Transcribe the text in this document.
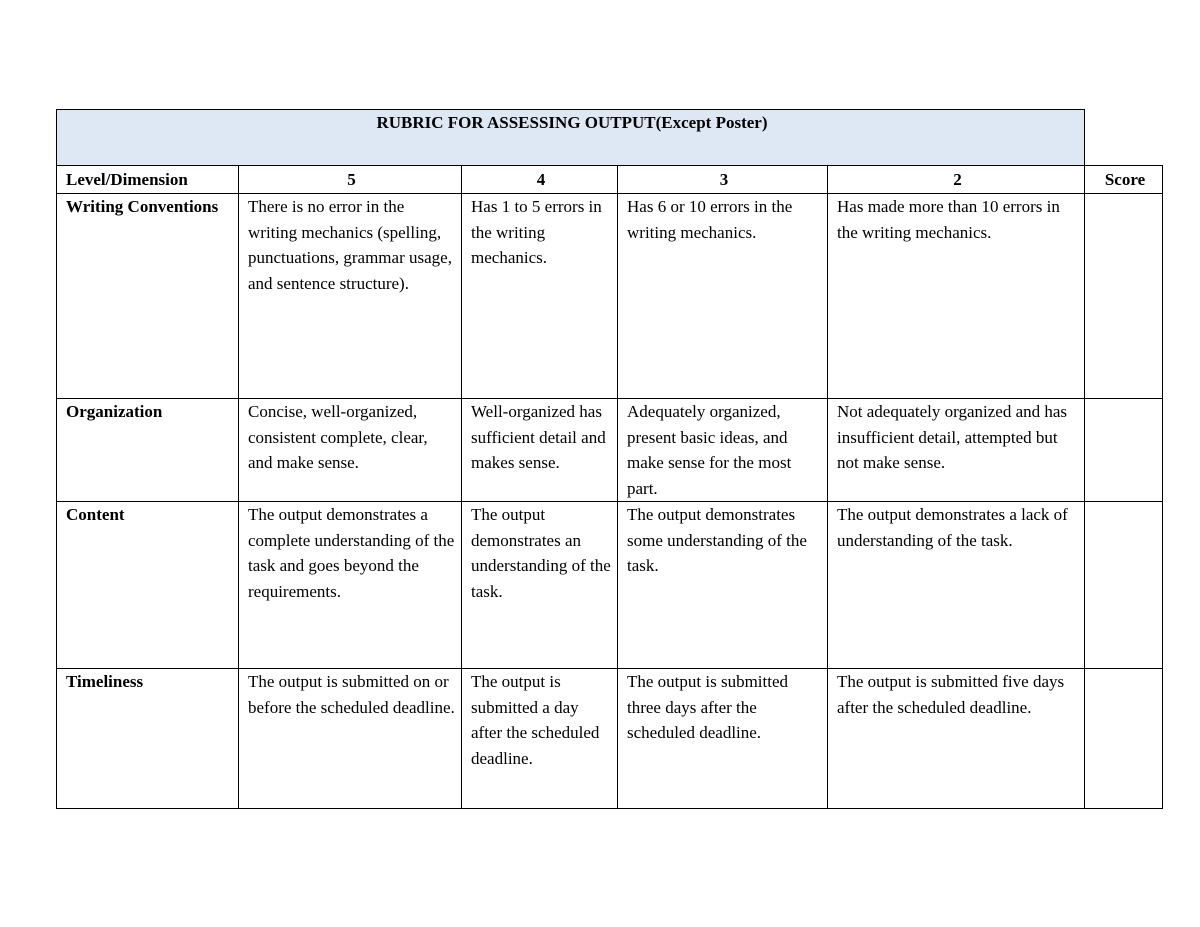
RUBRIC FOR ASSESSING OUTPUT(Except Poster)					
Level/Dimension	5	4	3	2	Score
Writing Conventions	There is no error in the writing mechanics (spelling, punctuations, grammar usage, and sentence structure).	Has 1 to 5 errors in the writing mechanics.	Has 6 or 10 errors in the writing mechanics.	Has made more than 10 errors in the writing mechanics.	
Organization	Concise, well-organized, consistent complete, clear, and make sense.	Well-organized has sufficient detail and makes sense.	Adequately organized, present basic ideas, and make sense for the most part.	Not adequately organized and has insufficient detail, attempted but not make sense.	
Content	The output demonstrates a complete understanding of the task and goes beyond the requirements.	The output demonstrates an understanding of the task.	The output demonstrates some understanding of the task.	The output demonstrates a lack of understanding of the task.	
Timeliness	The output is submitted on or before the scheduled deadline.	The output is submitted a day after the scheduled deadline.	The output is submitted three days after the scheduled deadline.	The output is submitted five days after the scheduled deadline.	
